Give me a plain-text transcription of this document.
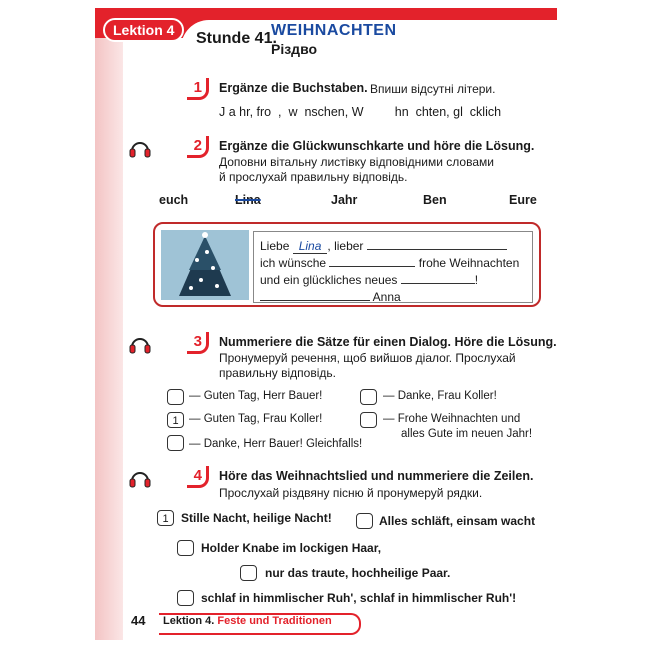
Lektion 4	Stunde 41.
WEIHNACHTEN
Різдво
1	Ergänze die Buchstaben. Впиши відсутні літери.
J a hr, fro  ,  w  nschen, W         hn  chten, gl  cklich
2	Ergänze die Glückwunschkarte und höre die Lösung.
Доповни вітальну листівку відповідними словами
й прослухай правильну відповідь.
euch	Lina	Jahr	Ben	Eure
Liebe Lina , lieber
ich wünsche	frohe Weihnachten
und ein glückliches neues	!
Anna
3	Nummeriere die Sätze für einen Dialog. Höre die Lösung.
Пронумеруй речення, щоб вийшов діалог. Прослухай
правильну відповідь.
— Guten Tag, Herr Bauer!
1 — Guten Tag, Frau Koller!
— Danke, Herr Bauer! Gleichfalls!
— Danke, Frau Koller!
— Frohe Weihnachten und
alles Gute im neuen Jahr!
4	Höre das Weihnachtslied und nummeriere die Zeilen.
Прослухай різдвяну пісню й пронумеруй рядки.
1	Stille Nacht, heilige Nacht!	Alles schläft, einsam wacht
Holder Knabe im lockigen Haar,
nur das traute, hochheilige Paar.
schlaf in himmlischer Ruh', schlaf in himmlischer Ruh'!
44 Lektion 4. Feste und Traditionen
